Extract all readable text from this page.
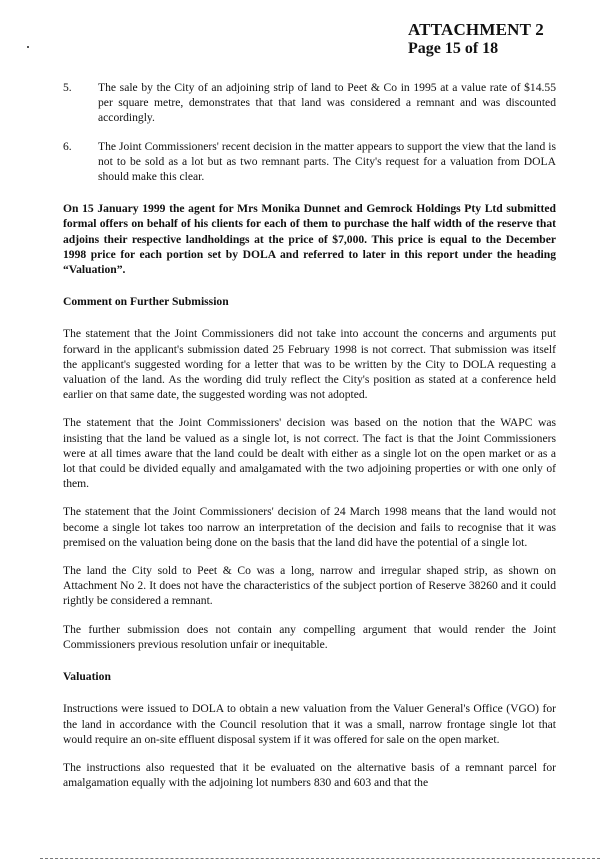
ATTACHMENT 2
Page 15 of 18
5. The sale by the City of an adjoining strip of land to Peet & Co in 1995 at a value rate of $14.55 per square metre, demonstrates that that land was considered a remnant and was discounted accordingly.
6. The Joint Commissioners' recent decision in the matter appears to support the view that the land is not to be sold as a lot but as two remnant parts. The City's request for a valuation from DOLA should make this clear.

On 15 January 1999 the agent for Mrs Monika Dunnet and Gemrock Holdings Pty Ltd submitted formal offers on behalf of his clients for each of them to purchase the half width of the reserve that adjoins their respective landholdings at the price of $7,000. This price is equal to the December 1998 price for each portion set by DOLA and referred to later in this report under the heading “Valuation”.

Comment on Further Submission

The statement that the Joint Commissioners did not take into account the concerns and arguments put forward in the applicant's submission dated 25 February 1998 is not correct. That submission was itself the applicant's suggested wording for a letter that was to be written by the City to DOLA requesting a valuation of the land. As the wording did truly reflect the City's position as stated at a conference held earlier on that same date, the suggested wording was not adopted.

The statement that the Joint Commissioners' decision was based on the notion that the WAPC was insisting that the land be valued as a single lot, is not correct. The fact is that the Joint Commissioners were at all times aware that the land could be dealt with either as a single lot on the open market or as a lot that could be divided equally and amalgamated with the two adjoining properties or with one only of them.

The statement that the Joint Commissioners' decision of 24 March 1998 means that the land would not become a single lot takes too narrow an interpretation of the decision and fails to recognise that it was premised on the valuation being done on the basis that the land did have the potential of a single lot.

The land the City sold to Peet & Co was a long, narrow and irregular shaped strip, as shown on Attachment No 2. It does not have the characteristics of the subject portion of Reserve 38260 and it could rightly be considered a remnant.

The further submission does not contain any compelling argument that would render the Joint Commissioners previous resolution unfair or inequitable.

Valuation

Instructions were issued to DOLA to obtain a new valuation from the Valuer General's Office (VGO) for the land in accordance with the Council resolution that it was a small, narrow frontage single lot that would require an on-site effluent disposal system if it was offered for sale on the open market.

The instructions also requested that it be evaluated on the alternative basis of a remnant parcel for amalgamation equally with the adjoining lot numbers 830 and 603 and that the
